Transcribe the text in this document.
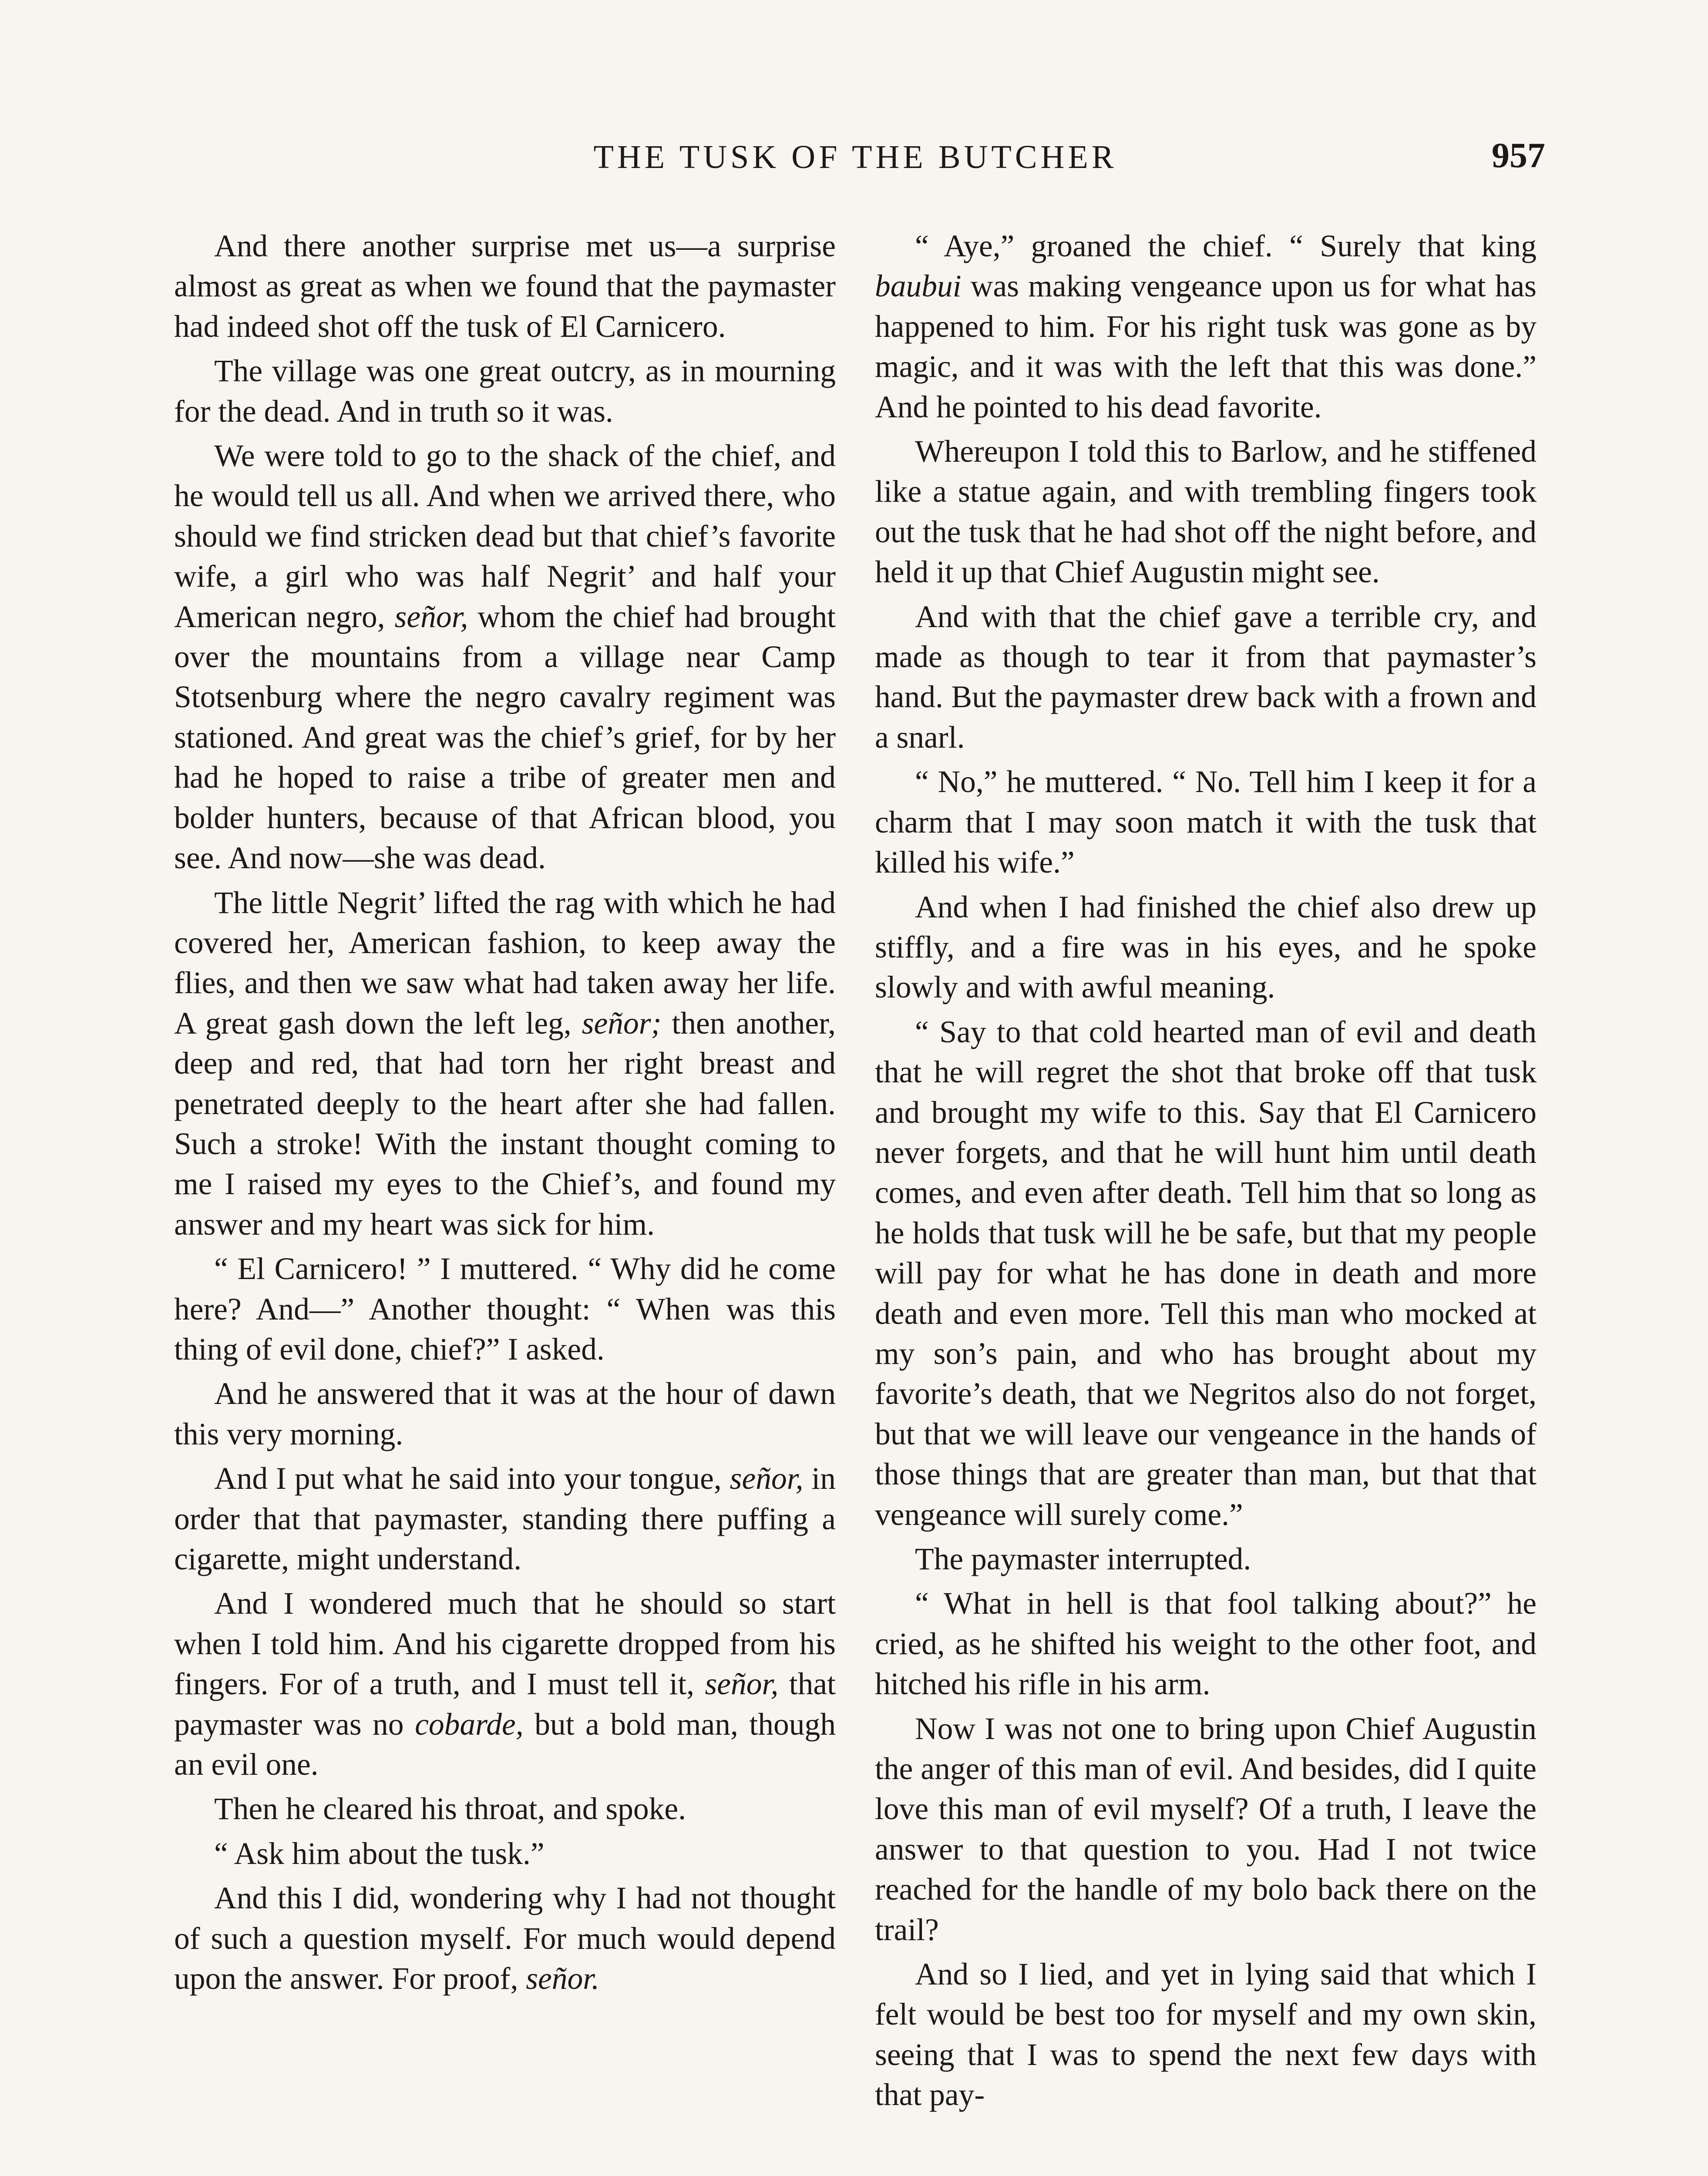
THE TUSK OF THE BUTCHER	957

And there another surprise met us—a surprise almost as great as when we found that the paymaster had indeed shot off the tusk of El Carnicero.

The village was one great outcry, as in mourning for the dead. And in truth so it was.

We were told to go to the shack of the chief, and he would tell us all. And when we arrived there, who should we find stricken dead but that chief’s favorite wife, a girl who was half Negrit’ and half your American negro, señor, whom the chief had brought over the mountains from a village near Camp Stotsenburg where the negro cavalry regiment was stationed. And great was the chief’s grief, for by her had he hoped to raise a tribe of greater men and bolder hunters, because of that African blood, you see. And now—she was dead.

The little Negrit’ lifted the rag with which he had covered her, American fashion, to keep away the flies, and then we saw what had taken away her life. A great gash down the left leg, señor; then another, deep and red, that had torn her right breast and penetrated deeply to the heart after she had fallen. Such a stroke! With the instant thought coming to me I raised my eyes to the Chief’s, and found my answer and my heart was sick for him.

“ El Carnicero! ” I muttered. “ Why did he come here? And—” Another thought: “ When was this thing of evil done, chief?” I asked.

And he answered that it was at the hour of dawn this very morning.

And I put what he said into your tongue, señor, in order that that paymaster, standing there puffing a cigarette, might understand.

And I wondered much that he should so start when I told him. And his cigarette dropped from his fingers. For of a truth, and I must tell it, señor, that paymaster was no cobarde, but a bold man, though an evil one.

Then he cleared his throat, and spoke.

“ Ask him about the tusk.”

And this I did, wondering why I had not thought of such a question myself. For much would depend upon the answer. For proof, señor.

“ Aye,” groaned the chief. “ Surely that king baubui was making vengeance upon us for what has happened to him. For his right tusk was gone as by magic, and it was with the left that this was done.” And he pointed to his dead favorite.

Whereupon I told this to Barlow, and he stiffened like a statue again, and with trembling fingers took out the tusk that he had shot off the night before, and held it up that Chief Augustin might see.

And with that the chief gave a terrible cry, and made as though to tear it from that paymaster’s hand. But the paymaster drew back with a frown and a snarl.

“ No,” he muttered. “ No. Tell him I keep it for a charm that I may soon match it with the tusk that killed his wife.”

And when I had finished the chief also drew up stiffly, and a fire was in his eyes, and he spoke slowly and with awful meaning.

“ Say to that cold hearted man of evil and death that he will regret the shot that broke off that tusk and brought my wife to this. Say that El Carnicero never forgets, and that he will hunt him until death comes, and even after death. Tell him that so long as he holds that tusk will he be safe, but that my people will pay for what he has done in death and more death and even more. Tell this man who mocked at my son’s pain, and who has brought about my favorite’s death, that we Negritos also do not forget, but that we will leave our vengeance in the hands of those things that are greater than man, but that that vengeance will surely come.”

The paymaster interrupted.

“ What in hell is that fool talking about?” he cried, as he shifted his weight to the other foot, and hitched his rifle in his arm.

Now I was not one to bring upon Chief Augustin the anger of this man of evil. And besides, did I quite love this man of evil myself? Of a truth, I leave the answer to that question to you. Had I not twice reached for the handle of my bolo back there on the trail?

And so I lied, and yet in lying said that which I felt would be best too for myself and my own skin, seeing that I was to spend the next few days with that pay-
